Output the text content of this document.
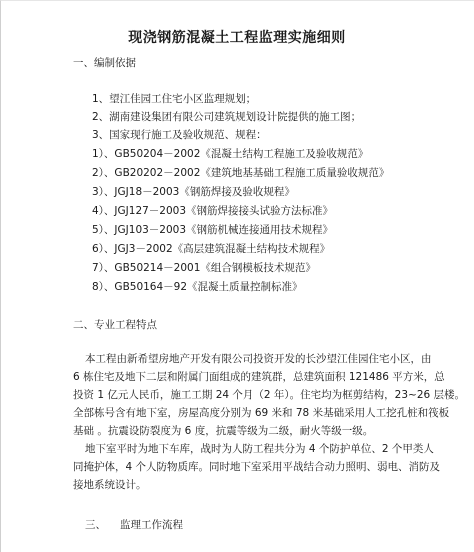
现浇钢筋混凝土工程监理实施细则
一、编制依据
1、望江佳园工住宅小区监理规划；
2、湖南建设集团有限公司建筑规划设计院提供的施工图；
3、国家现行施工及验收规范、规程：
1）、GB50204－2002《混凝土结构工程施工及验收规范》
2）、GB20202－2002《建筑地基基础工程施工质量验收规范》
3）、JGJ18－2003《钢筋焊接及验收规程》
4）、JGJ127－2003《钢筋焊接接头试验方法标准》
5）、JGJ103－2003《钢筋机械连接通用技术规程》
6）、JGJ3－2002《高层建筑混凝土结构技术规程》
7）、GB50214－2001《组合钢模板技术规范》
8）、GB50164－92《混凝土质量控制标准》
二、专业工程特点
本工程由新希望房地产开发有限公司投资开发的长沙望江佳园住宅小区，由
6 栋住宅及地下二层和附属门面组成的建筑群，总建筑面积 121486 平方米，总
投资 1 亿元人民币，施工工期 24 个月（2 年）。住宅均为框剪结构，23~26 层楼。
全部栋号含有地下室，房屋高度分别为 69 米和 78 米基础采用人工挖孔桩和筏板
基础 。抗震设防裂度为 6 度，抗震等级为二级，耐火等级一级。
地下室平时为地下车库，战时为人防工程共分为 4 个防护单位、2 个甲类人
同掩护体，4 个人防物质库。同时地下室采用平战结合动力照明、弱电、消防及
接地系统设计。
三、 监理工作流程
